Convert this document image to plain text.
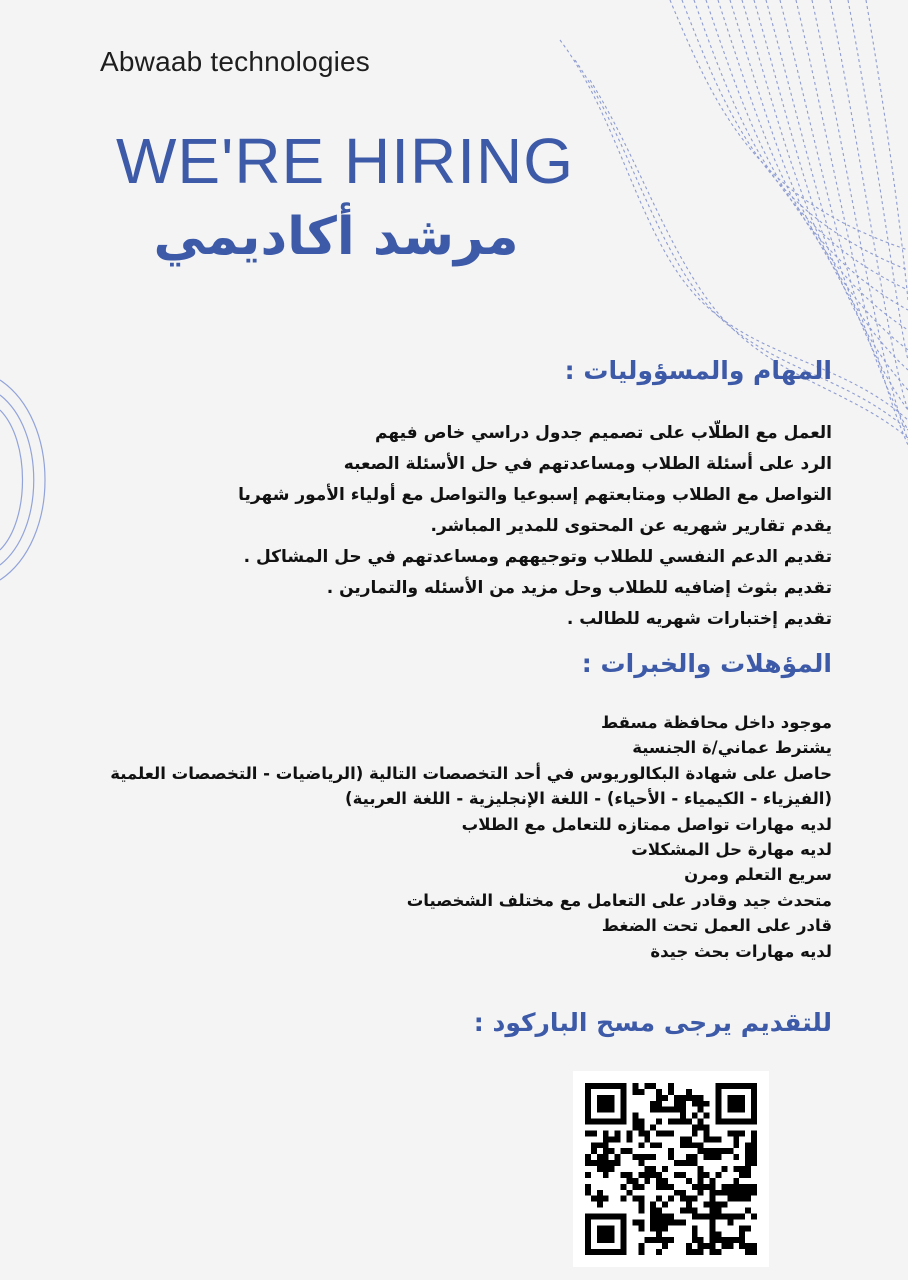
Abwaab technologies
WE'RE HIRING
مرشد أكاديمي
المهام والمسؤوليات :
العمل مع الطلّاب على تصميم جدول دراسي خاص فيهم
الرد على أسئلة الطلاب ومساعدتهم في حل الأسئلة الصعبه
التواصل مع الطلاب ومتابعتهم إسبوعيا والتواصل مع أولياء الأمور شهريا
يقدم تقارير شهريه عن المحتوى للمدير المباشر.
تقديم الدعم النفسي للطلاب وتوجيههم ومساعدتهم في حل المشاكل .
تقديم بثوث إضافيه للطلاب وحل مزيد من الأسئله والتمارين .
تقديم إختبارات شهريه للطالب .
المؤهلات والخبرات :
موجود داخل محافظة مسقط
يشترط عماني/ة الجنسية
حاصل على شهادة البكالوريوس في أحد التخصصات التالية (الرياضيات - التخصصات العلمية
(الفيزياء - الكيمياء - الأحياء) - اللغة الإنجليزية - اللغة العربية)
لديه مهارات تواصل ممتازه للتعامل مع الطلاب
لديه مهارة حل المشكلات
سريع التعلم ومرن
متحدث جيد وقادر على التعامل مع مختلف الشخصيات
قادر على العمل تحت الضغط
لديه مهارات بحث جيدة
للتقديم يرجى مسح الباركود :
